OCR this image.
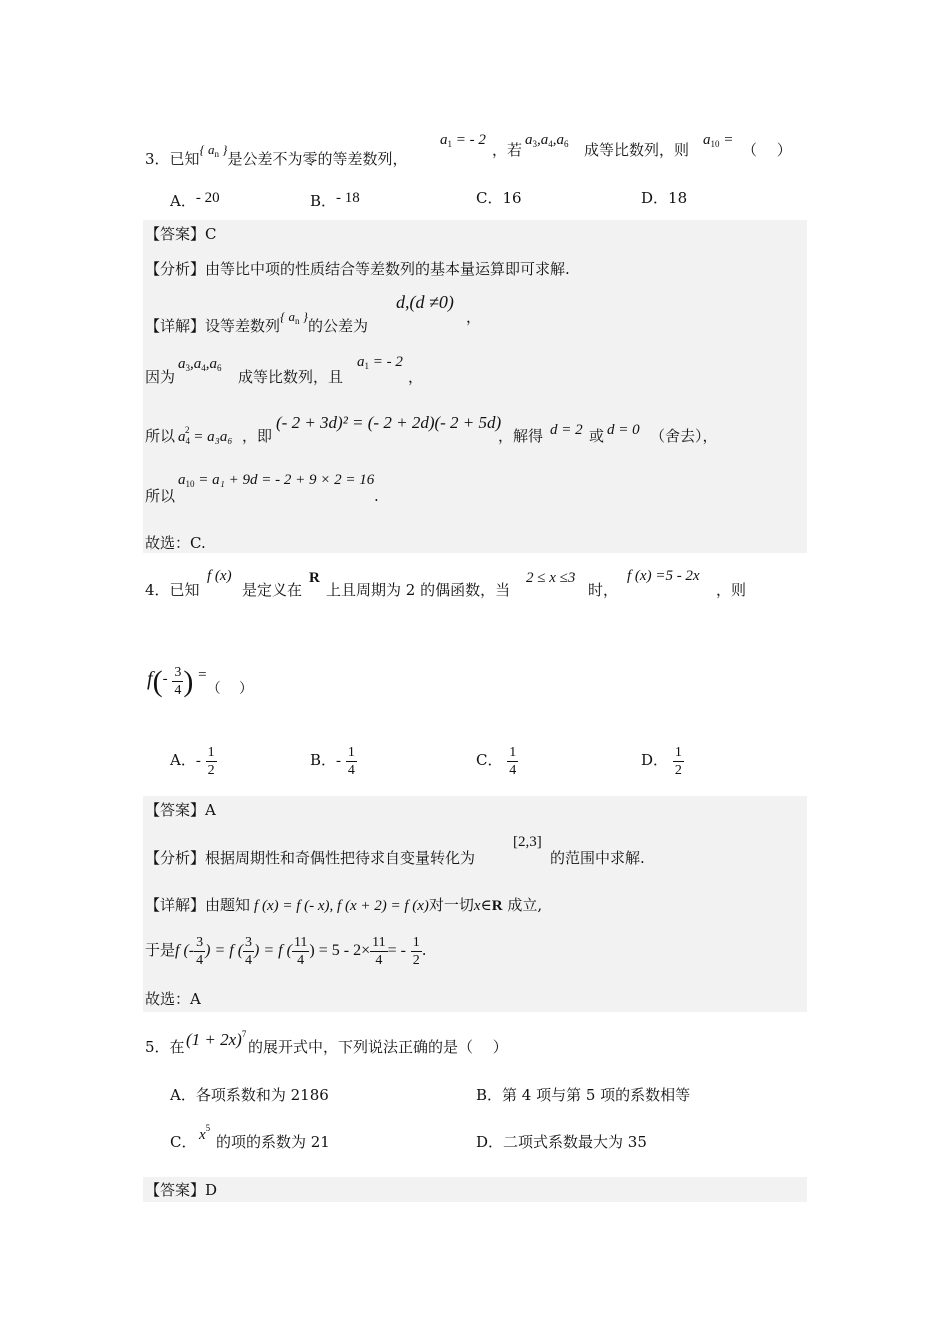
3．已知{ $a_n$ }是公差不为零的等差数列，
$a_1$ = - 2
，若
$a_3,a_4,a_6$ 成等比数列，则
$a_{10}$ =
（　 ）
A．- 20	B．- 18	C．16	D．18
【答案】C
【分析】由等比中项的性质结合等差数列的基本量运算即可求解.
【详解】设等差数列{ $a_n$ }的公差为
d,(d ≠0)
，
因为
$a_3,a_4,a_6$ 成等比数列，且
$a_1$ = - 2
，
所以 $a_4^2 = a_3a_6$ ，即
(- 2 + 3d)² = (- 2 + 2d)(- 2 + 5d)
，解得 d = 2 或 d = 0 （舍去），
所以
$a_{10} = a_1 + 9d$ = - 2 + 9 × 2 = 16
.
故选：C.
4．已知
f (x)
是定义在
R
上且周期为 2 的偶函数，当
2 ≤ x ≤3
时，
f (x) =5 - 2x
，则
$f(- \frac{3}{4}$ ) =（　 ）
A．- $\frac{1}{2}$	B．- $\frac{1}{4}$	C． $\frac{1}{4}$	D． $\frac{1}{2}$
【答案】A
【分析】根据周期性和奇偶性把待求自变量转化为
[2,3]
的范围中求解.
【详解】由题知 f (x) = f (- x), f (x + 2) = f (x)对一切x∈R 成立,
于是f (- $\frac{3}{4}$ ) = f ( $\frac{3}{4}$ ) = f ( $\frac{11}{4}$ ) = $5 - 2\times \frac{11}{4}$ = - $\frac{1}{2}$ .
故选：A
5．在 $(1 + 2x)^7$
的展开式中，下列说法正确的是（　 ）
A．各项系数和为 2186	B．第 4 项与第 5 项的系数相等
C． $x^5$
的项的系数为 21	D．二项式系数最大为 35
【答案】D
